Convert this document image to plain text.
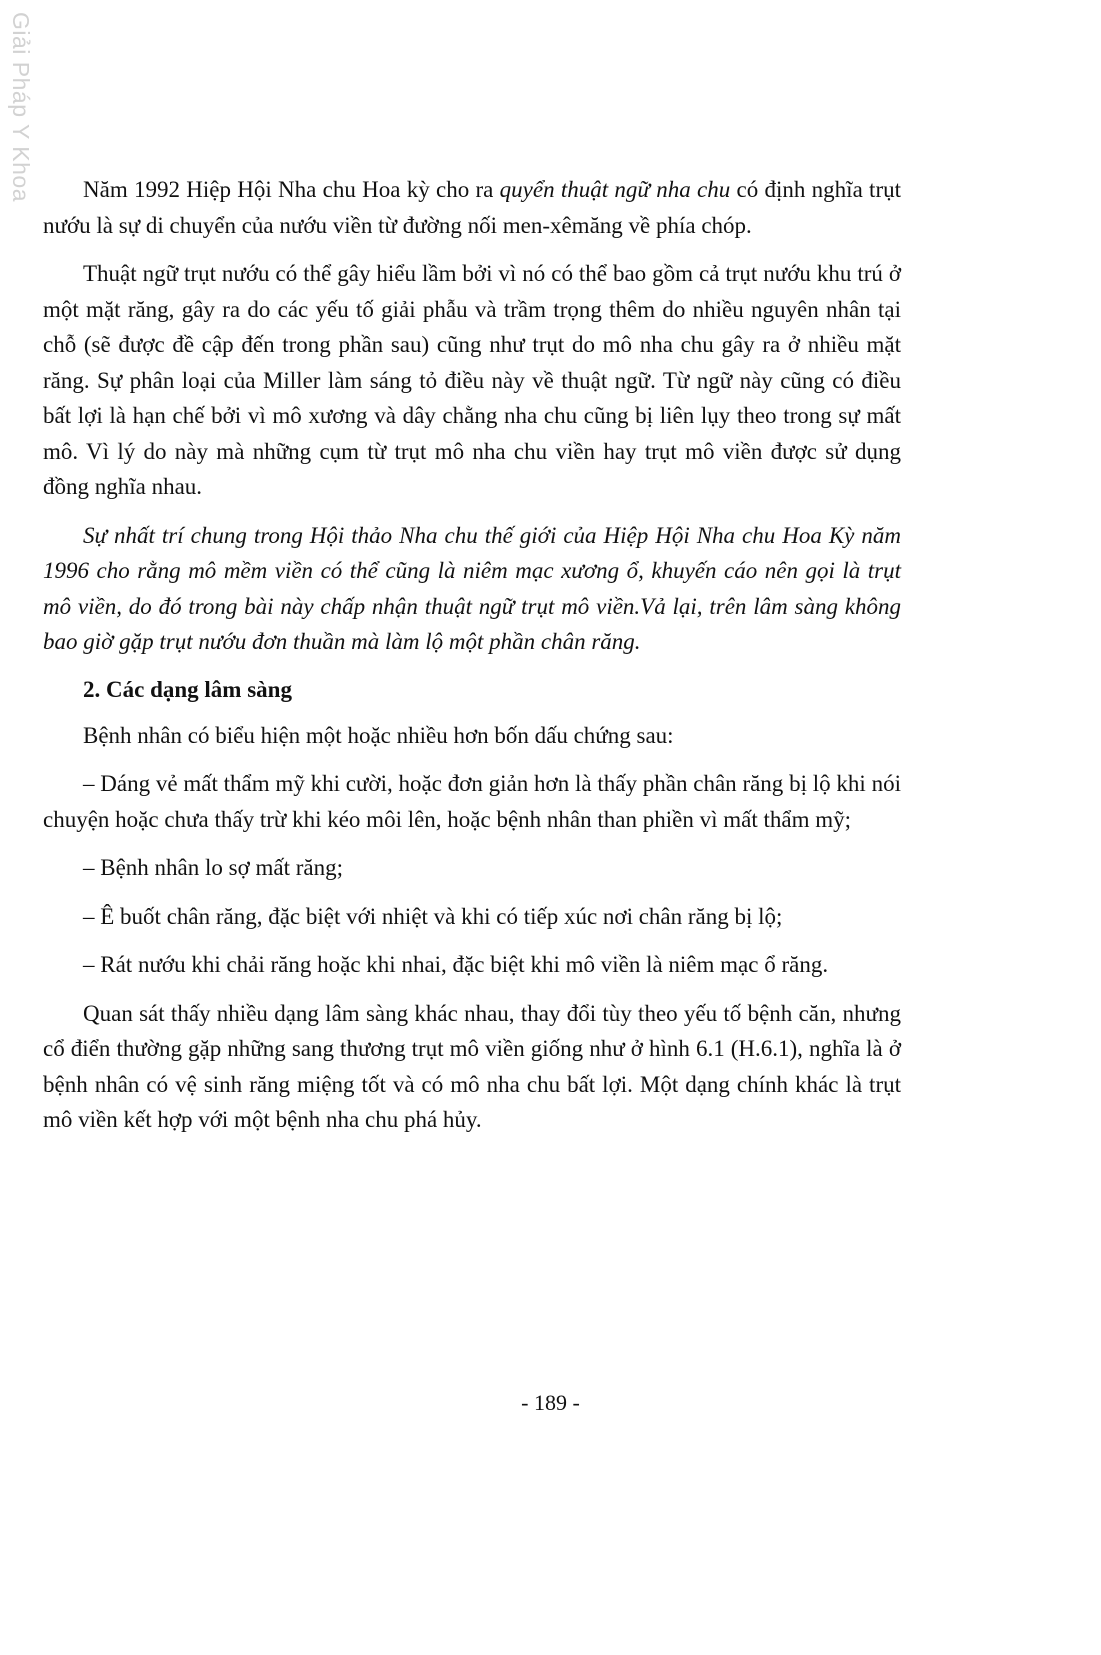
Giải Pháp Y Khoa	Năm 1992 Hiệp Hội Nha chu Hoa kỳ cho ra quyển thuật ngữ nha chu có định nghĩa trụt nướu là sự di chuyển của nướu viền từ đường nối men-xêmăng về phía chóp.

Thuật ngữ trụt nướu có thể gây hiểu lầm bởi vì nó có thể bao gồm cả trụt nướu khu trú ở một mặt răng, gây ra do các yếu tố giải phẫu và trầm trọng thêm do nhiều nguyên nhân tại chỗ (sẽ được đề cập đến trong phần sau) cũng như trụt do mô nha chu gây ra ở nhiều mặt răng. Sự phân loại của Miller làm sáng tỏ điều này về thuật ngữ. Từ ngữ này cũng có điều bất lợi là hạn chế bởi vì mô xương và dây chằng nha chu cũng bị liên lụy theo trong sự mất mô. Vì lý do này mà những cụm từ trụt mô nha chu viền hay trụt mô viền được sử dụng đồng nghĩa nhau.

Sự nhất trí chung trong Hội thảo Nha chu thế giới của Hiệp Hội Nha chu Hoa Kỳ năm 1996 cho rằng mô mềm viền có thể cũng là niêm mạc xương ổ, khuyến cáo nên gọi là trụt mô viền, do đó trong bài này chấp nhận thuật ngữ trụt mô viền.Vả lại, trên lâm sàng không bao giờ gặp trụt nướu đơn thuần mà làm lộ một phần chân răng.

2. Các dạng lâm sàng

Bệnh nhân có biểu hiện một hoặc nhiều hơn bốn dấu chứng sau:

– Dáng vẻ mất thẩm mỹ khi cười, hoặc đơn giản hơn là thấy phần chân răng bị lộ khi nói chuyện hoặc chưa thấy trừ khi kéo môi lên, hoặc bệnh nhân than phiền vì mất thẩm mỹ;

– Bệnh nhân lo sợ mất răng;

– Ê buốt chân răng, đặc biệt với nhiệt và khi có tiếp xúc nơi chân răng bị lộ;

– Rát nướu khi chải răng hoặc khi nhai, đặc biệt khi mô viền là niêm mạc ổ răng.

Quan sát thấy nhiều dạng lâm sàng khác nhau, thay đổi tùy theo yếu tố bệnh căn, nhưng cổ điển thường gặp những sang thương trụt mô viền giống như ở hình 6.1 (H.6.1), nghĩa là ở bệnh nhân có vệ sinh răng miệng tốt và có mô nha chu bất lợi. Một dạng chính khác là trụt mô viền kết hợp với một bệnh nha chu phá hủy.

- 189 -
